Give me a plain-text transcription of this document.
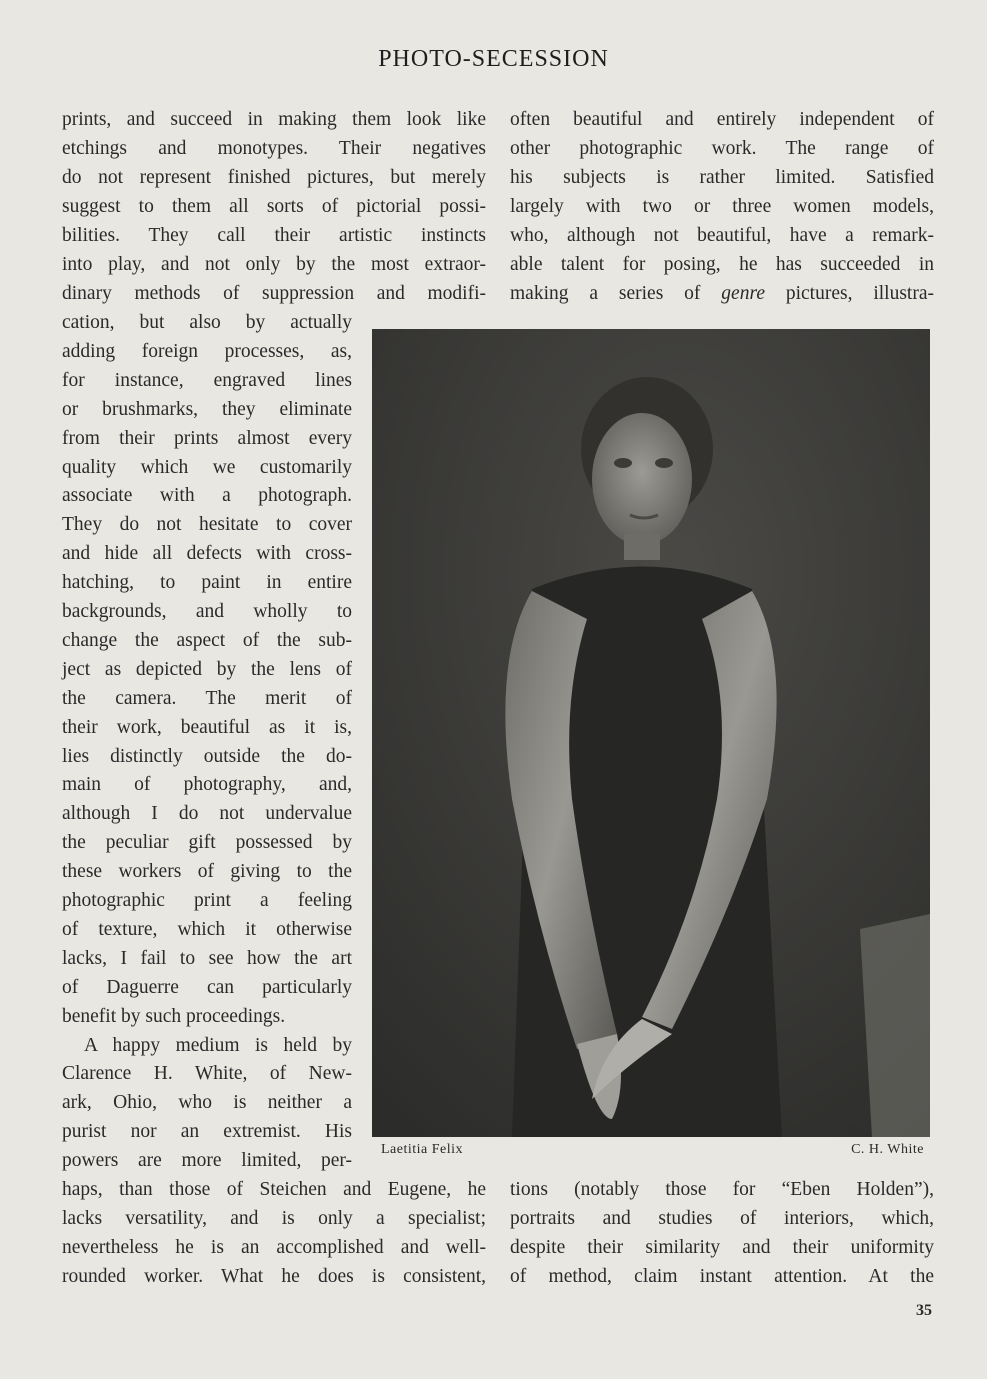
PHOTO-SECESSION
prints, and succeed in making them look like
etchings and monotypes. Their negatives
do not represent finished pictures, but merely
suggest to them all sorts of pictorial possi-
bilities. They call their artistic instincts
into play, and not only by the most extraor-
dinary methods of suppression and modifi-
often beautiful and entirely independent of
other photographic work. The range of
his subjects is rather limited. Satisfied
largely with two or three women models,
who, although not beautiful, have a remark-
able talent for posing, he has succeeded in
making a series of genre pictures, illustra-
cation, but also by actually
adding foreign processes, as,
for instance, engraved lines
or brushmarks, they eliminate
from their prints almost every
quality which we customarily
associate with a photograph.
They do not hesitate to cover
and hide all defects with cross-
hatching, to paint in entire
backgrounds, and wholly to
change the aspect of the sub-
ject as depicted by the lens of
the camera. The merit of
their work, beautiful as it is,
lies distinctly outside the do-
main of photography, and,
although I do not undervalue
the peculiar gift possessed by
these workers of giving to the
photographic print a feeling
of texture, which it otherwise
lacks, I fail to see how the art
of Daguerre can particularly
benefit by such proceedings.
A happy medium is held by
Clarence H. White, of New-
ark, Ohio, who is neither a
purist nor an extremist. His
powers are more limited, per-
Laetitia Felix	C. H. White
haps, than those of Steichen and Eugene, he
lacks versatility, and is only a specialist;
nevertheless he is an accomplished and well-
rounded worker. What he does is consistent,
tions (notably those for “Eben Holden”),
portraits and studies of interiors, which,
despite their similarity and their uniformity
of method, claim instant attention. At the
35
